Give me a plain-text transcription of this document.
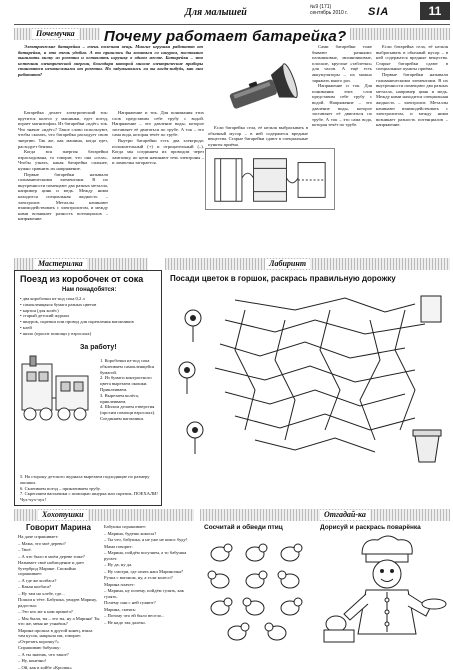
Для малышей	№9 (171)
сентябрь 2010 г.	SIA	11
Почемучка Почему работает батарейка?

Электрические батарейки – очень полезная вещь. Многие игрушки работают от батарейки, и это очень удобно. А то пришлось бы возиться со шнуром, постоянно вынимать вилку из розетки и оставлять игрушку в одном месте. Батарейки – это источник электрической энергии, благодаря которой многие электрические приборы становятся независимыми от розетки. Но задумывались ли вы когда-нибудь, как они работают?

Батарейка делает электрический ток: крутится колесо у машинки, едет поезд, играет магнитофон. Из батарейки «идёт» ток. Что значит «идёт»? Такое слово используют, чтобы сказать, что батарейка расходует свою энергию. Так же, как машина, когда едет, расходует бензин.

Когда вся энергия батарейки израсходована, то говорят, что она «села». Чтобы узнать, какая батарейка сильнее, нужно сравнить их напряжение.

Первые батарейки называли гальваническими элементами. В их внутренности помещают два разных металла, например цинк и медь. Между ними находится специальная жидкость – электролит. Металлы начинают взаимодействовать с электролитом, и между ними возникает разность потенциалов – напряжение.

Напряжение и ток. Для понимания этих слов представим себе трубу с водой. Напряжение – это давление воды, которое заставляет её двигаться по трубе. А ток – это сама вода, которая течёт по трубе.

Внутри батарейки есть два электрода: положительный (+) и отрицательный (–). Когда мы соединяем их проводом через лампочку, по цепи начинают течь электроны – и лампочка загорается.

Если батарейка села, её нельзя выбрасывать в обычный мусор – в ней содержатся вредные вещества. Старые батарейки сдают в специальные пункты приёма.

Сами батарейки тоже бывают разными: пальчиковые, мизинчиковые, плоские, круглые «таблетки» для часов. А ещё есть аккумуляторы – их можно заряжать много раз.

Напряжение и ток. Для понимания этих слов представим себе трубу с водой. Напряжение – это давление воды, которое заставляет её двигаться по трубе. А ток – это сама вода, которая течёт по трубе.

Если батарейка села, её нельзя выбрасывать в обычный мусор – в ней содержатся вредные вещества. Старые батарейки сдают в специальные пункты приёма.

Первые батарейки называли гальваническими элементами. В их внутренности помещают два разных металла, например цинк и медь. Между ними находится специальная жидкость – электролит. Металлы начинают взаимодействовать с электролитом, и между ними возникает разность потенциалов – напряжение.

Мастерилка	Лабиринт
Поезд из коробочек от сока
Нам понадобятся:
• два коробочки из-под сока 0,2 л
• самоклеящаяся бумага разных цветов
• картон (для колёс)
• старый детский журнал
• шнурок, скрепки или провод для скрепления вагончиков
• клей
• шило (просит помощи у взрослых)
За работу!
1. Коробочки из-под сока обклеиваем самоклеящейся бумагой.
2. Из бумаги контрастного цвета вырезаем окошки. Приклеиваем.
3. Вырезаем колёса, приклеиваем.
4. Шилом делаем отверстия (просим помощи взрослых). Соединяем вагончики.
5. На сторону детского журнала вырезаем подходящие по размеру окошки.
6. Склеиваем поезд – приклеиваем трубу.
7. Скрепляем вагончики с помощью шнурка или скрепок. ПОЕХАЛИ! Чух-чух-чух!
Посади цветок в горшок, раскрась правильную дорожку
Хохотушки	Отгадай-ка
Говорит Марина

На даче спрашивает:

– Мама, это моё дерево?

– Твоё.

– А что было в моём дереве тоже?

Называет своё наблюдение и дает бутерброд Марине. Спокойно спрашивает:

– А где же колбаса?

– Какая колбаса?

– Ну там на хлебе, где...

Пошли к тёте. Бабушка, увидев Марину, радостно:

– Это кто же к нам пришёл?

– Мы были, ты – это ты, ну а Марина! Ты что же, меня не узнаёшь?

Марина прошла в другой конец, взяла там кусок, накрыла им, говорит: «Отрезать корочку?»

Спрашиваю бабушку:

– А ты знаешь, что такое?

– Ну, конечно!

– Ой, как в хойбе «Кролик»

Бабушка спрашивает:

– Марина, будешь кокосы?

– Ты что, бабушка, я не уже не кокос буду!

Мама говорит:

– Марина, пойдём погуляем, а то бабушка ругает.

– Ну да, ну да.

– Ну смотри, где опять наш Мариночка?

Ручка с вагоном, ну, а если колесо?

Марина плачет:

– Марина, ну почему, пойдём гулять, как гулять.

Почему они с ней гуляют?

Марина, смеясь:

– Потому что ей было весело...

– Не надо так далеко.

Сосчитай и обведи птиц	Дорисуй и раскрась поварёнка
